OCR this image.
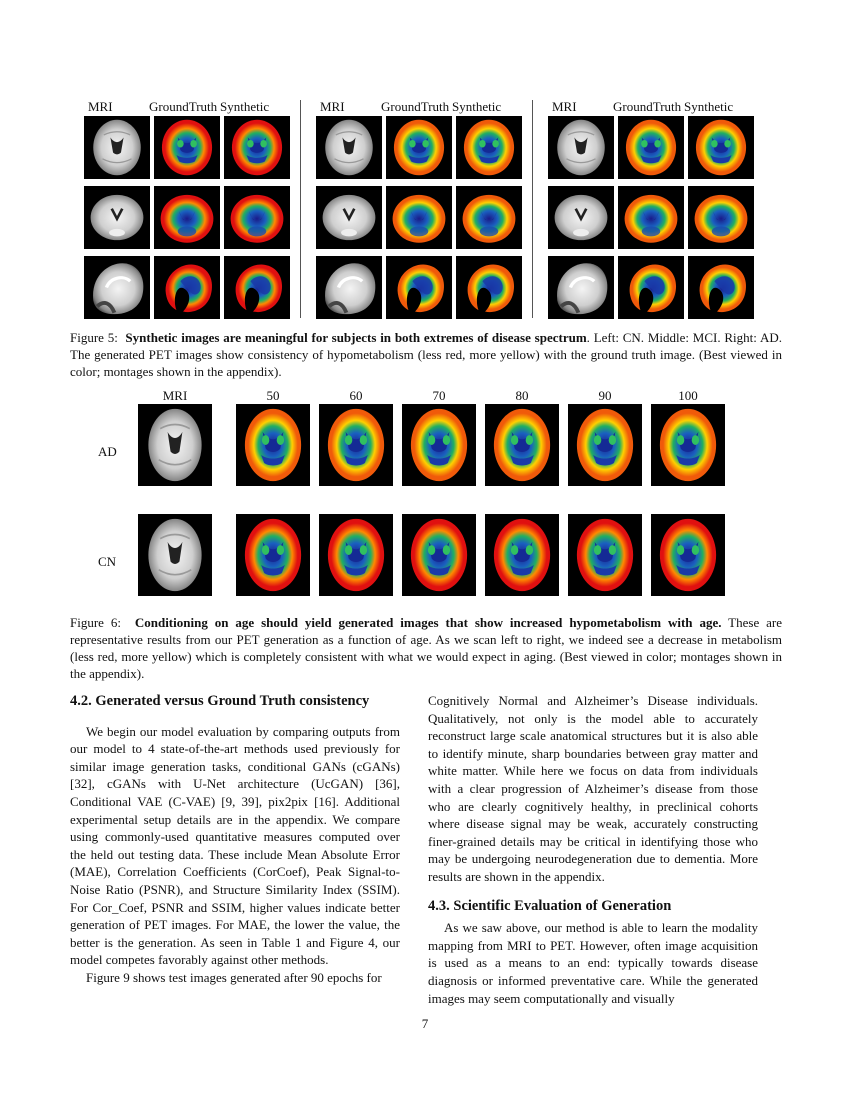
MRI	GroundTruth Synthetic	MRI	GroundTruth Synthetic	MRI	GroundTruth Synthetic
Figure 5: Synthetic images are meaningful for subjects in both extremes of disease spectrum. Left: CN. Middle: MCI. Right: AD. The generated PET images show consistency of hypometabolism (less red, more yellow) with the ground truth image. (Best viewed in color; montages shown in the appendix).
MRI
AD
CN
50	60	70	80	90	100
Figure 6: Conditioning on age should yield generated images that show increased hypometabolism with age. These are representative results from our PET generation as a function of age. As we scan left to right, we indeed see a decrease in metabolism (less red, more yellow) which is completely consistent with what we would expect in aging. (Best viewed in color; montages shown in the appendix).
4.2. Generated versus Ground Truth consistency

We begin our model evaluation by comparing outputs from our model to 4 state-of-the-art methods used previously for similar image generation tasks, conditional GANs (cGANs) [32], cGANs with U-Net architecture (UcGAN) [36], Conditional VAE (C-VAE) [9, 39], pix2pix [16]. Additional experimental setup details are in the appendix. We compare using commonly-used quantitative measures computed over the held out testing data. These include Mean Absolute Error (MAE), Correlation Coefficients (CorCoef), Peak Signal-to-Noise Ratio (PSNR), and Structure Similarity Index (SSIM). For Cor_Coef, PSNR and SSIM, higher values indicate better generation of PET images. For MAE, the lower the value, the better is the generation. As seen in Table 1 and Figure 4, our model competes favorably against other methods.

Figure 9 shows test images generated after 90 epochs for

Cognitively Normal and Alzheimer’s Disease individuals. Qualitatively, not only is the model able to accurately reconstruct large scale anatomical structures but it is also able to identify minute, sharp boundaries between gray matter and white matter. While here we focus on data from individuals with a clear progression of Alzheimer’s disease from those who are clearly cognitively healthy, in preclinical cohorts where disease signal may be weak, accurately constructing finer-grained details may be critical in identifying those who may be undergoing neurodegeneration due to dementia. More results are shown in the appendix.

4.3. Scientific Evaluation of Generation

As we saw above, our method is able to learn the modality mapping from MRI to PET. However, often image acquisition is used as a means to an end: typically towards disease diagnosis or informed preventative care. While the generated images may seem computationally and visually

7
